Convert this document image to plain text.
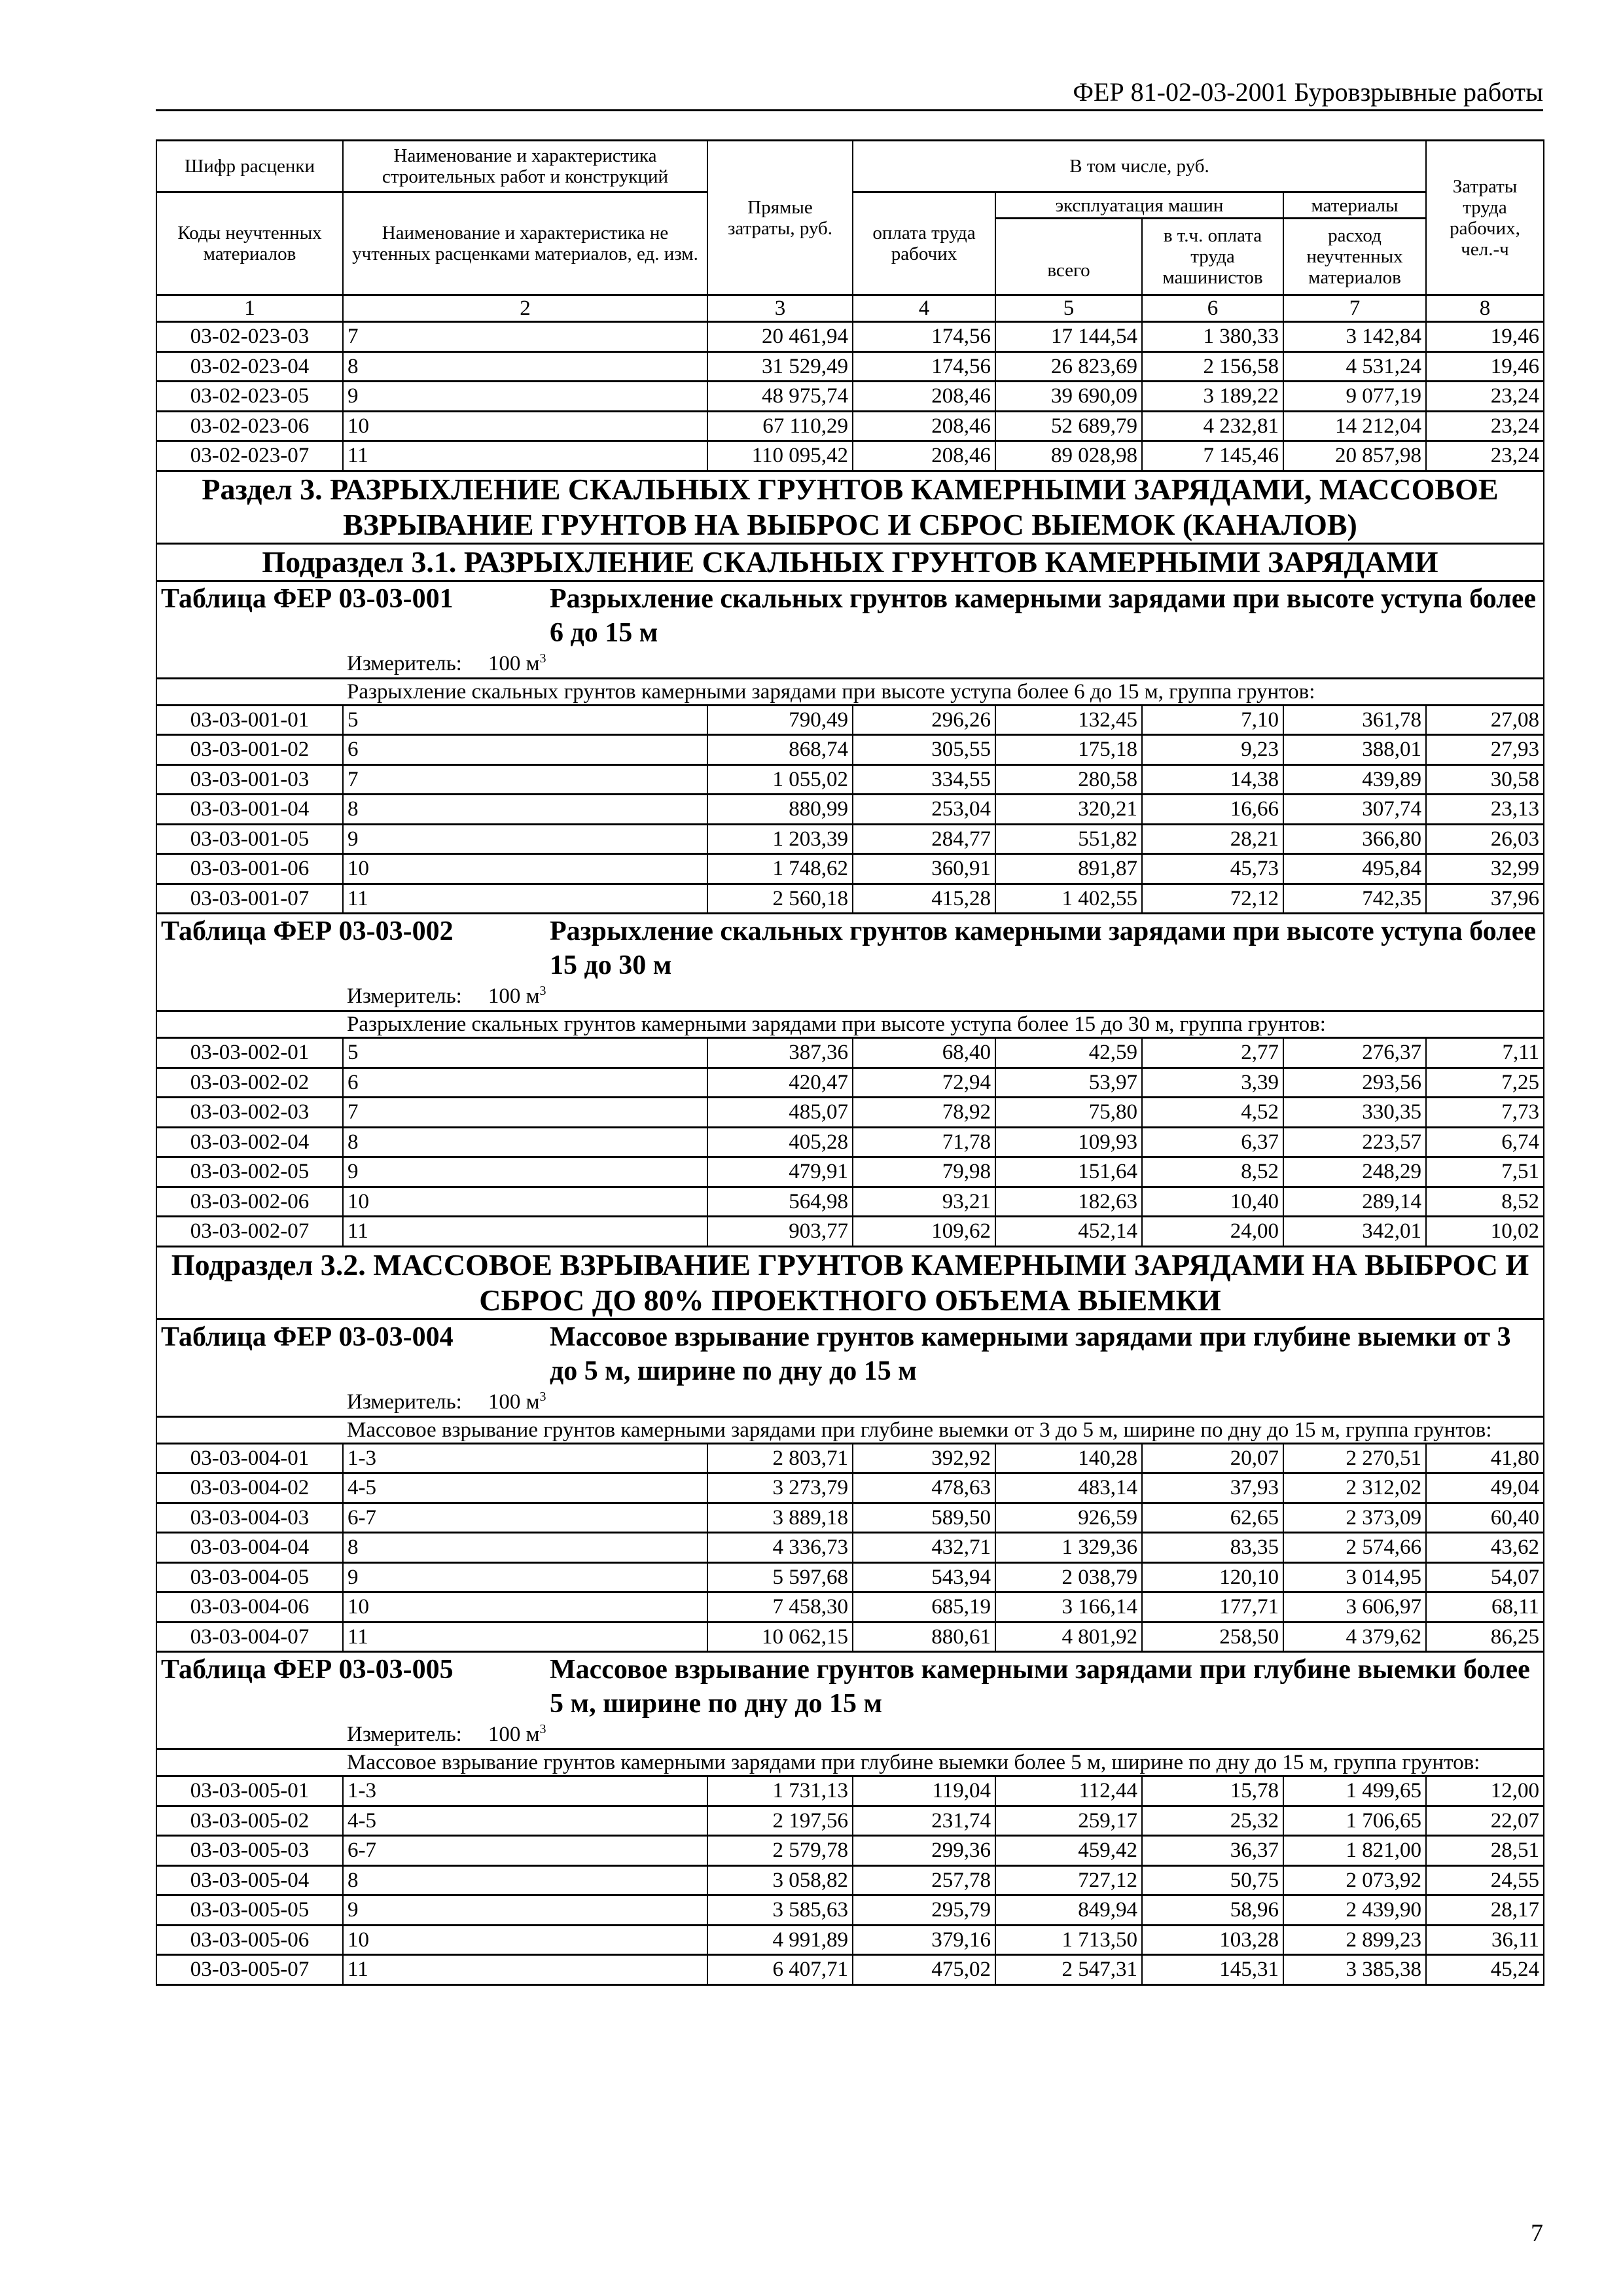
ФЕР 81-02-03-2001 Буровзрывные работы
Шифр расценки	Наименование и характеристика строительных работ и конструкций	Прямые затраты, руб.	В том числе, руб.				Затраты труда рабочих, чел.-ч
Коды неучтенных материалов	Наименование и характеристика не учтенных расценками материалов, ед. изм.		оплата труда рабочих	эксплуатация машин		материалы	
				всего	в т.ч. оплата труда машинистов	расход неучтенных материалов	
1	2	3	4	5	6	7	8
03-02-023-03	7	20 461,94	174,56	17 144,54	1 380,33	3 142,84	19,46
03-02-023-04	8	31 529,49	174,56	26 823,69	2 156,58	4 531,24	19,46
03-02-023-05	9	48 975,74	208,46	39 690,09	3 189,22	9 077,19	23,24
03-02-023-06	10	67 110,29	208,46	52 689,79	4 232,81	14 212,04	23,24
03-02-023-07	11	110 095,42	208,46	89 028,98	7 145,46	20 857,98	23,24
Раздел 3. РАЗРЫХЛЕНИЕ СКАЛЬНЫХ ГРУНТОВ КАМЕРНЫМИ ЗАРЯДАМИ, МАССОВОЕ ВЗРЫВАНИЕ ГРУНТОВ НА ВЫБРОС И СБРОС ВЫЕМОК (КАНАЛОВ)							
Подраздел 3.1. РАЗРЫХЛЕНИЕ СКАЛЬНЫХ ГРУНТОВ КАМЕРНЫМИ ЗАРЯДАМИ							

Таблица ФЕР 03-03-001 Разрыхление скальных грунтов камерными зарядами при высоте уступа более 6 до 15 м
Измеритель: 100 $м^3$

Разрыхление скальных грунтов камерными зарядами при высоте уступа более 6 до 15 м, группа грунтов:							
03-03-001-01	5	790,49	296,26	132,45	7,10	361,78	27,08
03-03-001-02	6	868,74	305,55	175,18	9,23	388,01	27,93
03-03-001-03	7	1 055,02	334,55	280,58	14,38	439,89	30,58
03-03-001-04	8	880,99	253,04	320,21	16,66	307,74	23,13
03-03-001-05	9	1 203,39	284,77	551,82	28,21	366,80	26,03
03-03-001-06	10	1 748,62	360,91	891,87	45,73	495,84	32,99
03-03-001-07	11	2 560,18	415,28	1 402,55	72,12	742,35	37,96

Таблица ФЕР 03-03-002 Разрыхление скальных грунтов камерными зарядами при высоте уступа более 15 до 30 м
Измеритель: 100 $м^3$

Разрыхление скальных грунтов камерными зарядами при высоте уступа более 15 до 30 м, группа грунтов:							
03-03-002-01	5	387,36	68,40	42,59	2,77	276,37	7,11
03-03-002-02	6	420,47	72,94	53,97	3,39	293,56	7,25
03-03-002-03	7	485,07	78,92	75,80	4,52	330,35	7,73
03-03-002-04	8	405,28	71,78	109,93	6,37	223,57	6,74
03-03-002-05	9	479,91	79,98	151,64	8,52	248,29	7,51
03-03-002-06	10	564,98	93,21	182,63	10,40	289,14	8,52
03-03-002-07	11	903,77	109,62	452,14	24,00	342,01	10,02
Подраздел 3.2. МАССОВОЕ ВЗРЫВАНИЕ ГРУНТОВ КАМЕРНЫМИ ЗАРЯДАМИ НА ВЫБРОС И СБРОС ДО 80% ПРОЕКТНОГО ОБЪЕМА ВЫЕМКИ							

Таблица ФЕР 03-03-004 Массовое взрывание грунтов камерными зарядами при глубине выемки от 3 до 5 м, ширине по дну до 15 м
Измеритель: 100 $м^3$

Массовое взрывание грунтов камерными зарядами при глубине выемки от 3 до 5 м, ширине по дну до 15 м, группа грунтов:							
03-03-004-01	1-3	2 803,71	392,92	140,28	20,07	2 270,51	41,80
03-03-004-02	4-5	3 273,79	478,63	483,14	37,93	2 312,02	49,04
03-03-004-03	6-7	3 889,18	589,50	926,59	62,65	2 373,09	60,40
03-03-004-04	8	4 336,73	432,71	1 329,36	83,35	2 574,66	43,62
03-03-004-05	9	5 597,68	543,94	2 038,79	120,10	3 014,95	54,07
03-03-004-06	10	7 458,30	685,19	3 166,14	177,71	3 606,97	68,11
03-03-004-07	11	10 062,15	880,61	4 801,92	258,50	4 379,62	86,25

Таблица ФЕР 03-03-005 Массовое взрывание грунтов камерными зарядами при глубине выемки более 5 м, ширине по дну до 15 м
Измеритель: 100 $м^3$

Массовое взрывание грунтов камерными зарядами при глубине выемки более 5 м, ширине по дну до 15 м, группа грунтов:							
03-03-005-01	1-3	1 731,13	119,04	112,44	15,78	1 499,65	12,00
03-03-005-02	4-5	2 197,56	231,74	259,17	25,32	1 706,65	22,07
03-03-005-03	6-7	2 579,78	299,36	459,42	36,37	1 821,00	28,51
03-03-005-04	8	3 058,82	257,78	727,12	50,75	2 073,92	24,55
03-03-005-05	9	3 585,63	295,79	849,94	58,96	2 439,90	28,17
03-03-005-06	10	4 991,89	379,16	1 713,50	103,28	2 899,23	36,11
03-03-005-07	11	6 407,71	475,02	2 547,31	145,31	3 385,38	45,24
7
